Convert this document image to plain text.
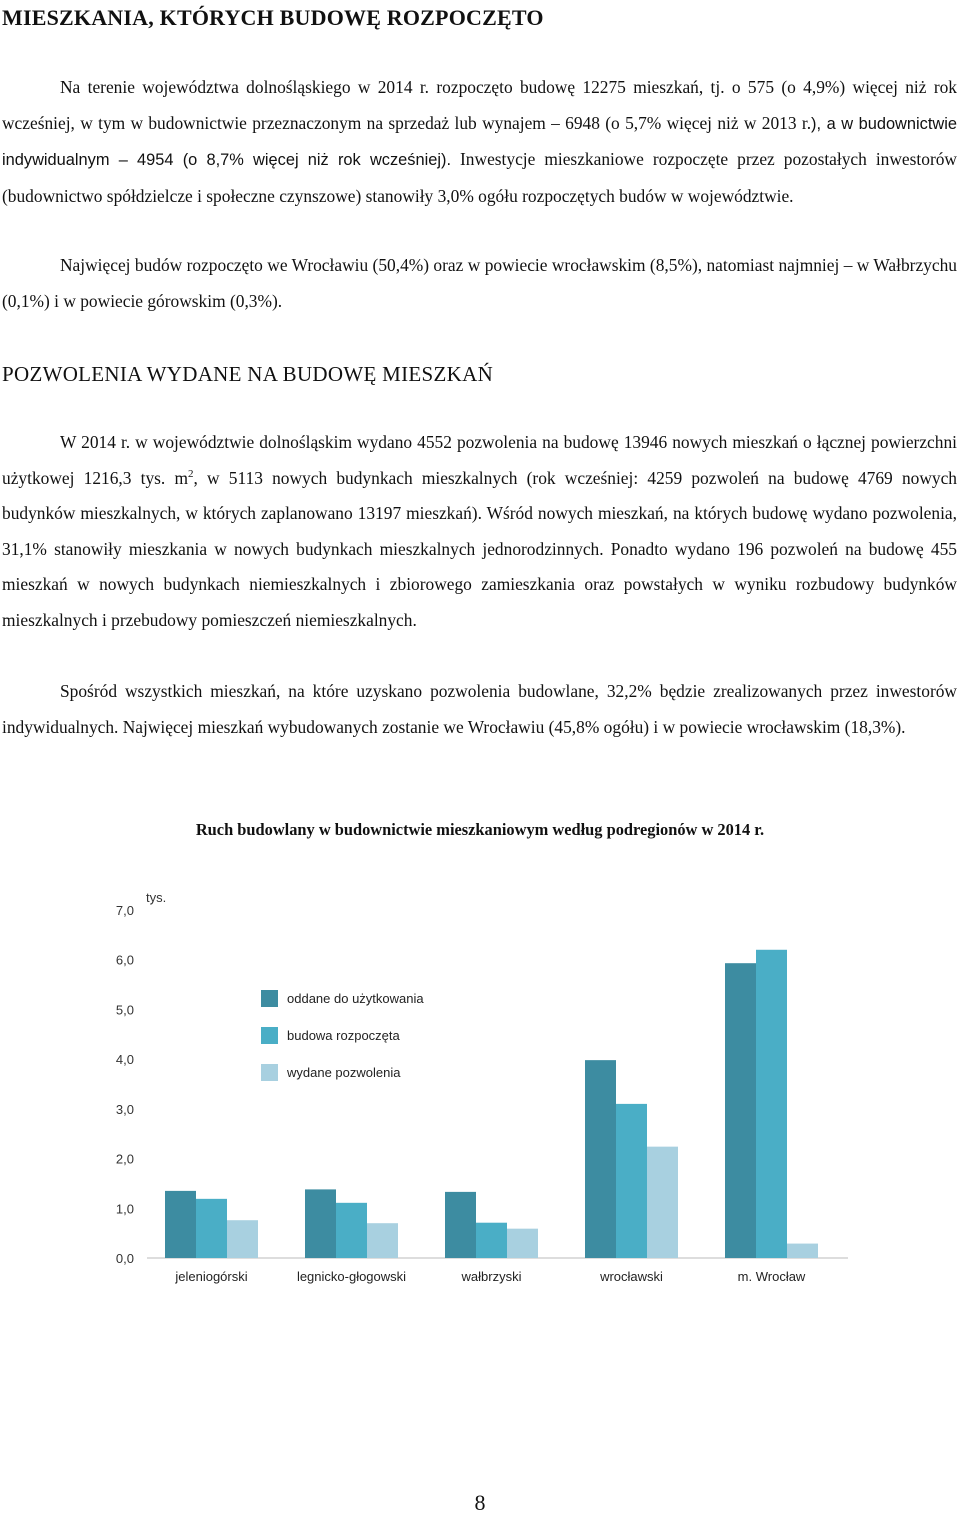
MIESZKANIA, KTÓRYCH BUDOWĘ ROZPOCZĘTO

Na terenie województwa dolnośląskiego w 2014 r. rozpoczęto budowę 12275 mieszkań, tj. o 575 (o 4,9%) więcej niż rok wcześniej, w tym w budownictwie przeznaczonym na sprzedaż lub wynajem – 6948 (o 5,7% więcej niż w 2013 r.), a w budownictwie indywidualnym – 4954 (o 8,7% więcej niż rok wcześniej). Inwestycje mieszkaniowe rozpoczęte przez pozostałych inwestorów (budownictwo spółdzielcze i społeczne czynszowe) stanowiły 3,0% ogółu rozpoczętych budów w województwie.

Najwięcej budów rozpoczęto we Wrocławiu (50,4%) oraz w powiecie wrocławskim (8,5%), natomiast najmniej – w Wałbrzychu (0,1%) i w powiecie górowskim (0,3%).

POZWOLENIA WYDANE NA BUDOWĘ MIESZKAŃ

W 2014 r. w województwie dolnośląskim wydano 4552 pozwolenia na budowę 13946 nowych mieszkań o łącznej powierzchni użytkowej 1216,3 tys. $m^2$, w 5113 nowych budynkach mieszkalnych (rok wcześniej: 4259 pozwoleń na budowę 4769 nowych budynków mieszkalnych, w których zaplanowano 13197 mieszkań). Wśród nowych mieszkań, na których budowę wydano pozwolenia, 31,1% stanowiły mieszkania w nowych budynkach mieszkalnych jednorodzinnych. Ponadto wydano 196 pozwoleń na budowę 455 mieszkań w nowych budynkach niemieszkalnych i zbiorowego zamieszkania oraz powstałych w wyniku rozbudowy budynków mieszkalnych i przebudowy pomieszczeń niemieszkalnych.

Spośród wszystkich mieszkań, na które uzyskano pozwolenia budowlane, 32,2% będzie zrealizowanych przez inwestorów indywidualnych. Najwięcej mieszkań wybudowanych zostanie we Wrocławiu (45,8% ogółu) i w powiecie wrocławskim (18,3%).

Ruch budowlany w budownictwie mieszkaniowym według podregionów w 2014 r.
0,0
1,0
2,0
3,0
4,0
5,0
6,0
7,0
tys.
jeleniogórski	legnicko-głogowski	wałbrzyski	wrocławski	m. Wrocław
oddane do użytkowania
budowa rozpoczęta
wydane pozwolenia
8
